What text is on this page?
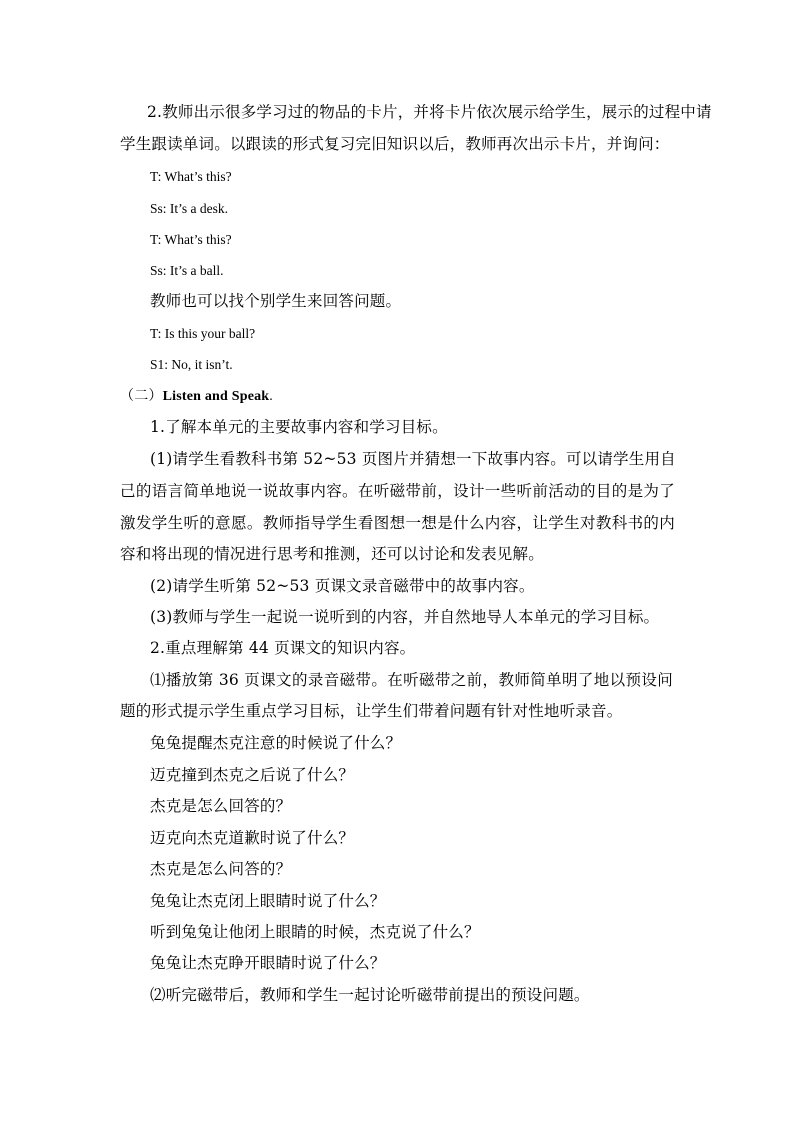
2.教师出示很多学习过的物品的卡片，并将卡片依次展示给学生，展示的过程中请
学生跟读单词。以跟读的形式复习完旧知识以后，教师再次出示卡片，并询问：
T: What’s this?
Ss: It’s a desk.
T: What’s this?
Ss: It’s a ball.
教师也可以找个别学生来回答问题。
T: Is this your ball?
S1: No, it isn’t.
（二）Listen and Speak.
1.了解本单元的主要故事内容和学习目标。
(1)请学生看教科书第 52~53 页图片并猜想一下故事内容。可以请学生用自
己的语言简单地说一说故事内容。在听磁带前，设计一些听前活动的目的是为了
激发学生听的意愿。教师指导学生看图想一想是什么内容，让学生对教科书的内
容和将出现的情况进行思考和推测，还可以讨论和发表见解。
(2)请学生听第 52~53 页课文录音磁带中的故事内容。
(3)教师与学生一起说一说听到的内容，并自然地导人本单元的学习目标。
2.重点理解第 44 页课文的知识内容。
⑴播放第 36 页课文的录音磁带。在听磁带之前，教师简单明了地以预设问
题的形式提示学生重点学习目标，让学生们带着问题有针对性地听录音。
兔兔提醒杰克注意的时候说了什么？
迈克撞到杰克之后说了什么？
杰克是怎么回答的？
迈克向杰克道歉时说了什么？
杰克是怎么问答的？
兔兔让杰克闭上眼睛时说了什么？
听到兔兔让他闭上眼睛的时候，杰克说了什么？
兔兔让杰克睁开眼睛时说了什么？
⑵听完磁带后，教师和学生一起讨论听磁带前提出的预设问题。
